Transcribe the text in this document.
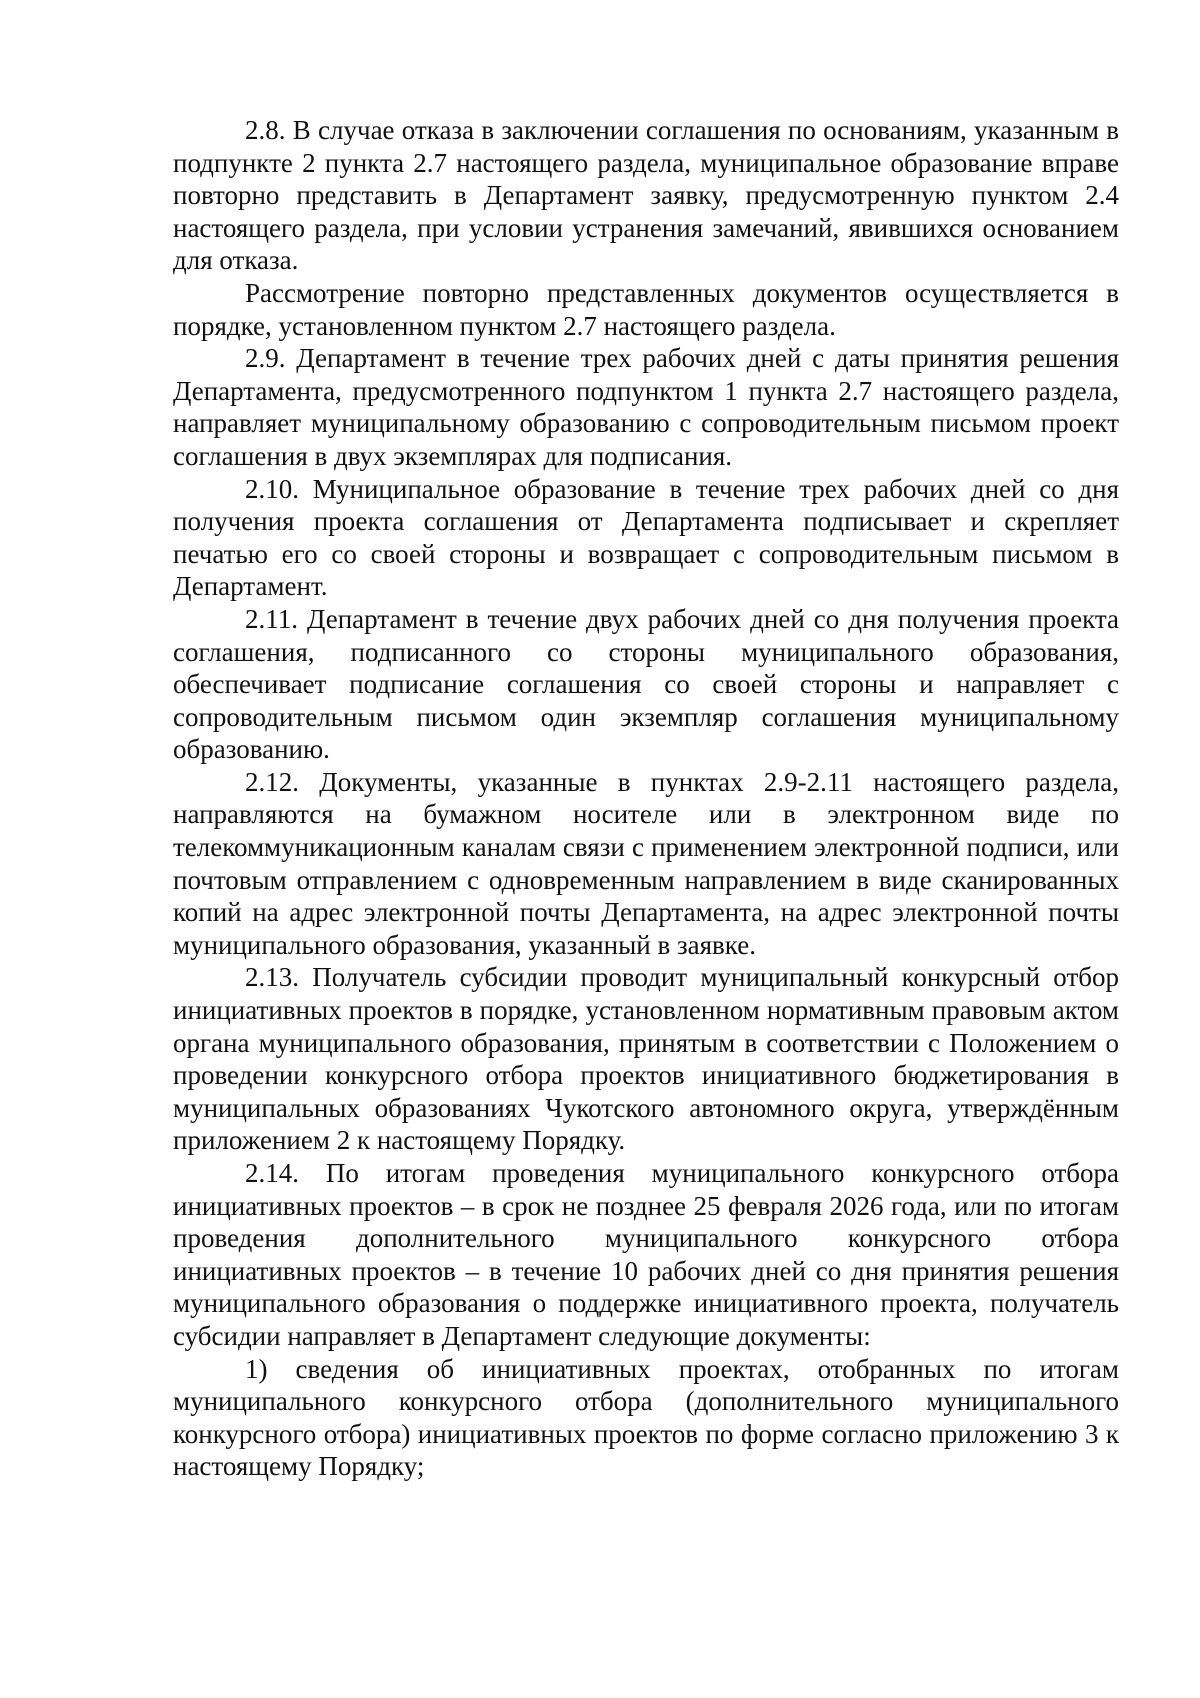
2.8. В случае отказа в заключении соглашения по основаниям, указанным в подпункте 2 пункта 2.7 настоящего раздела, муниципальное образование вправе повторно представить в Департамент заявку, предусмотренную пунктом 2.4 настоящего раздела, при условии устранения замечаний, явившихся основанием для отказа.

Рассмотрение повторно представленных документов осуществляется в порядке, установленном пунктом 2.7 настоящего раздела.

2.9. Департамент в течение трех рабочих дней с даты принятия решения Департамента, предусмотренного подпунктом 1 пункта 2.7 настоящего раздела, направляет муниципальному образованию с сопроводительным письмом проект соглашения в двух экземплярах для подписания.

2.10. Муниципальное образование в течение трех рабочих дней со дня получения проекта соглашения от Департамента подписывает и скрепляет печатью его со своей стороны и возвращает с сопроводительным письмом в Департамент.

2.11. Департамент в течение двух рабочих дней со дня получения проекта соглашения, подписанного со стороны муниципального образования, обеспечивает подписание соглашения со своей стороны и направляет с сопроводительным письмом один экземпляр соглашения муниципальному образованию.

2.12. Документы, указанные в пунктах 2.9-2.11 настоящего раздела, направляются на бумажном носителе или в электронном виде по телекоммуникационным каналам связи с применением электронной подписи, или почтовым отправлением с одновременным направлением в виде сканированных копий на адрес электронной почты Департамента, на адрес электронной почты муниципального образования, указанный в заявке.

2.13. Получатель субсидии проводит муниципальный конкурсный отбор инициативных проектов в порядке, установленном нормативным правовым актом органа муниципального образования, принятым в соответствии с Положением о проведении конкурсного отбора проектов инициативного бюджетирования в муниципальных образованиях Чукотского автономного округа, утверждённым приложением 2 к настоящему Порядку.

2.14. По итогам проведения муниципального конкурсного отбора инициативных проектов – в срок не позднее 25 февраля 2026 года, или по итогам проведения дополнительного муниципального конкурсного отбора инициативных проектов – в течение 10 рабочих дней со дня принятия решения муниципального образования о поддержке инициативного проекта, получатель субсидии направляет в Департамент следующие документы:

1) сведения об инициативных проектах, отобранных по итогам муниципального конкурсного отбора (дополнительного муниципального конкурсного отбора) инициативных проектов по форме согласно приложению 3 к настоящему Порядку;
